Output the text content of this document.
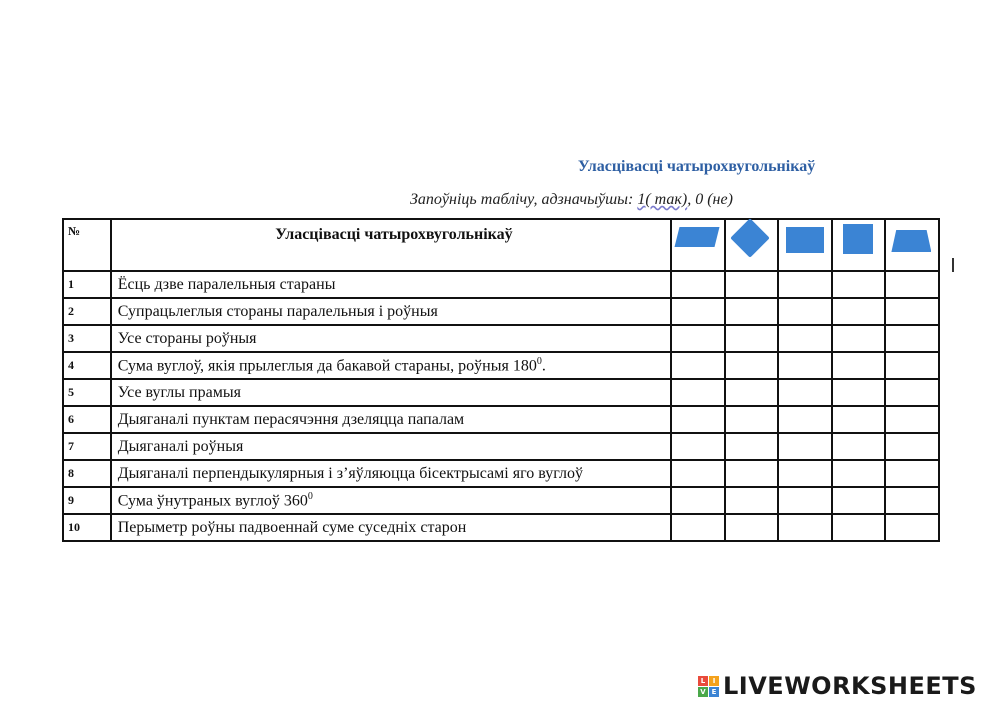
Уласцівасці чатырохвугольнікаў
Запоўніць таблічу, адзначыўшы: 1( так), 0 (не)
№	Уласцівасці чатырохвугольнікаў	

1	Ёсць дзве паралельныя стараны					
2	Супрацьлеглыя стораны паралельныя і роўныя					
3	Усе стораны роўныя					
4	Сума вуглоў, якія прылеглыя да бакавой стараны, роўныя $180^0$.					
5	Усе вуглы прамыя					
6	Дыяганалі пунктам перасячэння дзеляцца папалам					
7	Дыяганалі роўныя					
8	Дыяганалі перпендыкулярныя і з’яўляюцца бісектрысамі яго вуглоў					
9	Сума ўнутраных вуглоў $360^0$					
10	Перыметр роўны падвоеннай суме суседніх старон					
L	I
V E LIVEWORKSHEETS
